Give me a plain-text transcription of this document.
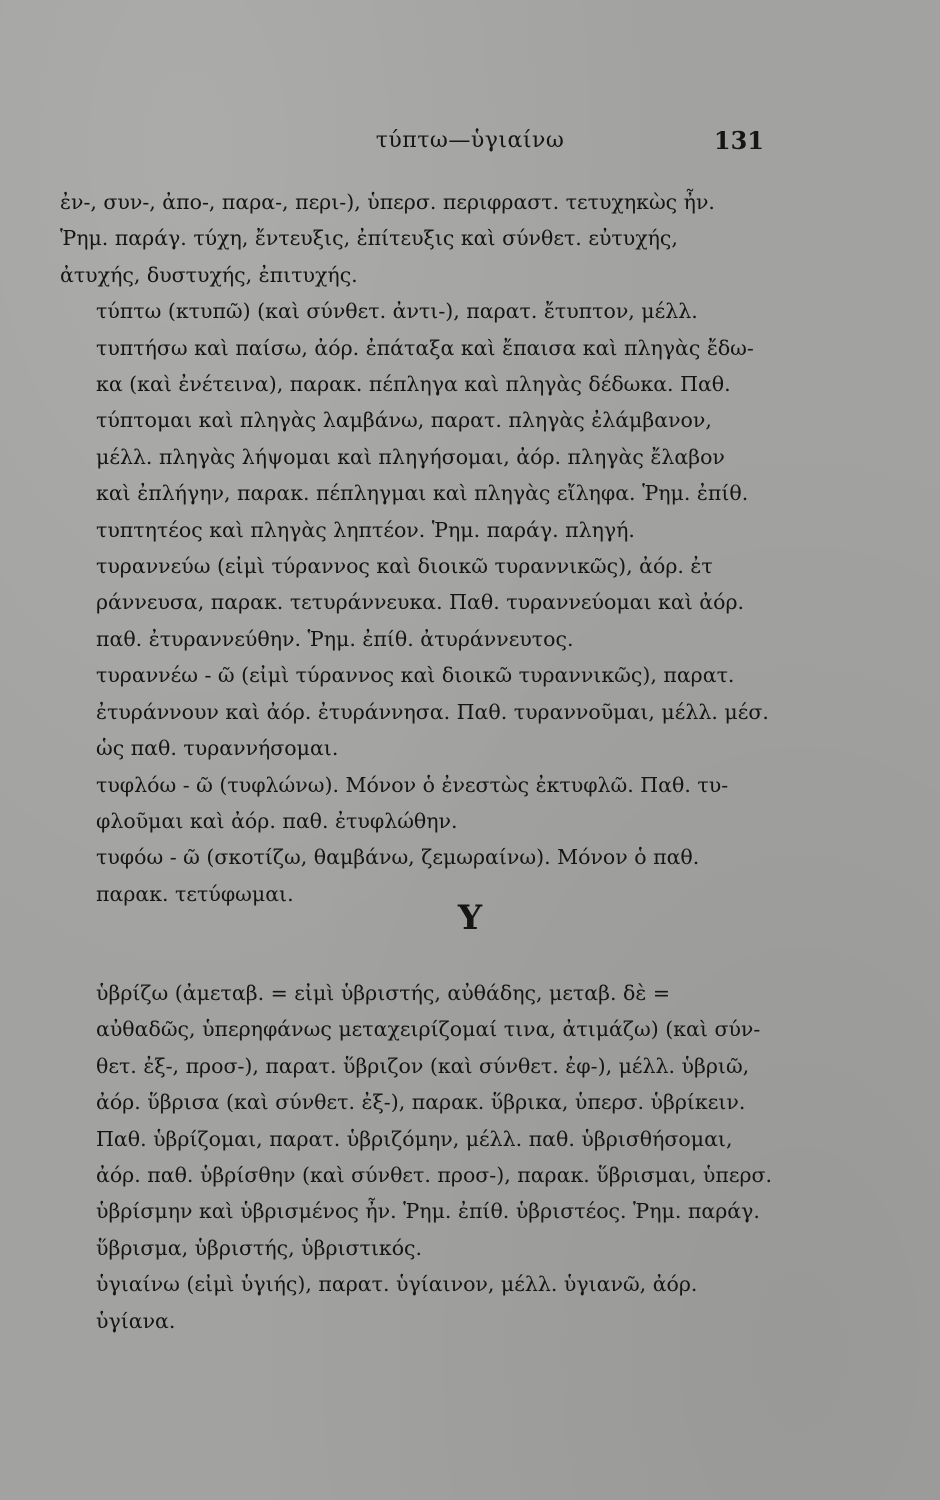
τύπτω—ὑγιαίνω	131

ἐν-, συν-, ἀπο-, παρα-, περι-), ὑπερσ. περιφραστ. τετυχηκὼς ἦν.
Ῥημ. παράγ. τύχη, ἔντευξις, ἐπίτευξις καὶ σύνθετ. εὐτυχής,
ἀτυχής, δυστυχής, ἐπιτυχής.

τύπτω (κτυπῶ) (καὶ σύνθετ. ἀντι-), παρατ. ἔτυπτον, μέλλ.
τυπτήσω καὶ παίσω, ἀόρ. ἐπάταξα καὶ ἔπαισα καὶ πληγὰς ἔδω-
κα (καὶ ἐνέτεινα), παρακ. πέπληγα καὶ πληγὰς δέδωκα. Παθ.
τύπτομαι καὶ πληγὰς λαμβάνω, παρατ. πληγὰς ἐλάμβανον,
μέλλ. πληγὰς λήψομαι καὶ πληγήσομαι, ἀόρ. πληγὰς ἔλαβον
καὶ ἐπλήγην, παρακ. πέπληγμαι καὶ πληγὰς εἴληφα. Ῥημ. ἐπίθ.
τυπτητέος καὶ πληγὰς ληπτέον. Ῥημ. παράγ. πληγή.

τυραννεύω (εἰμὶ τύραννος καὶ διοικῶ τυραννικῶς), ἀόρ. ἐτ
ράννευσα, παρακ. τετυράννευκα. Παθ. τυραννεύομαι καὶ ἀόρ.
παθ. ἐτυραννεύθην. Ῥημ. ἐπίθ. ἀτυράννευτος.

τυραννέω - ῶ (εἰμὶ τύραννος καὶ διοικῶ τυραννικῶς), παρατ.
ἐτυράννουν καὶ ἀόρ. ἐτυράννησα. Παθ. τυραννοῦμαι, μέλλ. μέσ.
ὡς παθ. τυραννήσομαι.

τυφλόω - ῶ (τυφλώνω). Μόνον ὁ ἐνεστὼς ἐκτυφλῶ. Παθ. τυ-
φλοῦμαι καὶ ἀόρ. παθ. ἐτυφλώθην.

τυφόω - ῶ (σκοτίζω, θαμβάνω, ζεμωραίνω). Μόνον ὁ παθ.
παρακ. τετύφωμαι.

Υ

ὑβρίζω (ἀμεταβ. = εἰμὶ ὑβριστής, αὐθάδης, μεταβ. δὲ =
αὐθαδῶς, ὑπερηφάνως μεταχειρίζομαί τινα, ἀτιμάζω) (καὶ σύν-
θετ. ἐξ-, προσ-), παρατ. ὕβριζον (καὶ σύνθετ. ἐφ-), μέλλ. ὑβριῶ,
ἀόρ. ὕβρισα (καὶ σύνθετ. ἐξ-), παρακ. ὕβρικα, ὑπερσ. ὑβρίκειν.
Παθ. ὑβρίζομαι, παρατ. ὑβριζόμην, μέλλ. παθ. ὑβρισθήσομαι,
ἀόρ. παθ. ὑβρίσθην (καὶ σύνθετ. προσ-), παρακ. ὕβρισμαι, ὑπερσ.
ὑβρίσμην καὶ ὑβρισμένος ἦν. Ῥημ. ἐπίθ. ὑβριστέος. Ῥημ. παράγ.
ὕβρισμα, ὑβριστής, ὑβριστικός.

ὑγιαίνω (εἰμὶ ὑγιής), παρατ. ὑγίαινον, μέλλ. ὑγιανῶ, ἀόρ.
ὑγίανα.
